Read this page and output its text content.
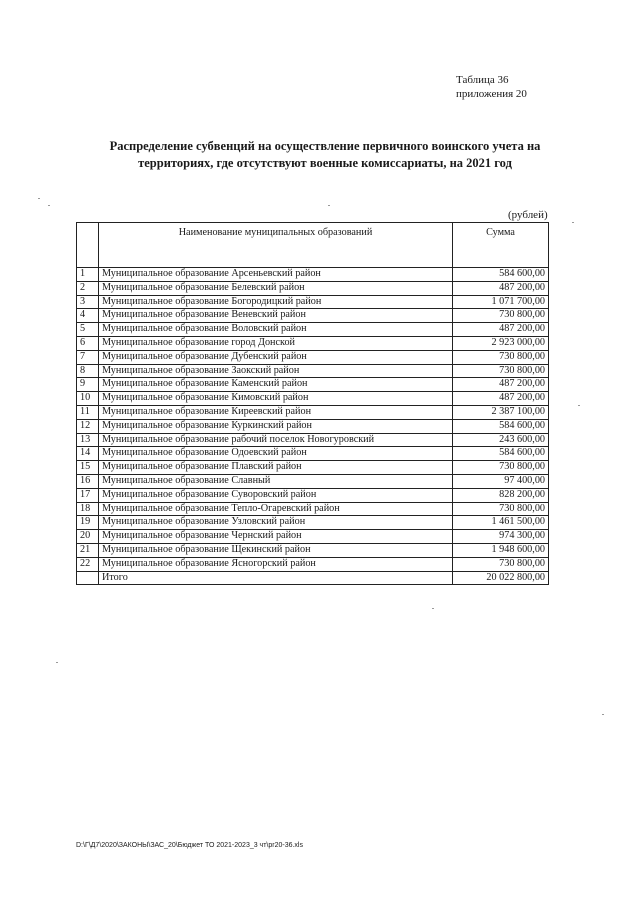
Таблица 36
приложения 20
Распределение субвенций на осуществление первичного воинского учета на
территориях, где отсутствуют военные комиссариаты, на 2021 год
(рублей)
	Наименование муниципальных образований	Сумма
1	Муниципальное образование Арсеньевский район	584 600,00
2	Муниципальное образование Белевский район	487 200,00
3	Муниципальное образование Богородицкий район	1 071 700,00
4	Муниципальное образование Веневский район	730 800,00
5	Муниципальное образование Воловский район	487 200,00
6	Муниципальное образование город Донской	2 923 000,00
7	Муниципальное образование Дубенский район	730 800,00
8	Муниципальное образование Заокский район	730 800,00
9	Муниципальное образование Каменский район	487 200,00
10	Муниципальное образование Кимовский район	487 200,00
11	Муниципальное образование Киреевский район	2 387 100,00
12	Муниципальное образование Куркинский район	584 600,00
13	Муниципальное образование рабочий поселок Новогуровский	243 600,00
14	Муниципальное образование Одоевский район	584 600,00
15	Муниципальное образование Плавский район	730 800,00
16	Муниципальное образование Славный	97 400,00
17	Муниципальное образование Суворовский район	828 200,00
18	Муниципальное образование Тепло-Огаревский район	730 800,00
19	Муниципальное образование Узловский район	1 461 500,00
20	Муниципальное образование Чернский район	974 300,00
21	Муниципальное образование Щекинский район	1 948 600,00
22	Муниципальное образование Ясногорский район	730 800,00
	Итого	20 022 800,00
D:\Г\Д7\2020\ЗАКОНЫ\ЗАС_20\Бюджет ТО 2021-2023_3 чт\pr20-36.xls
